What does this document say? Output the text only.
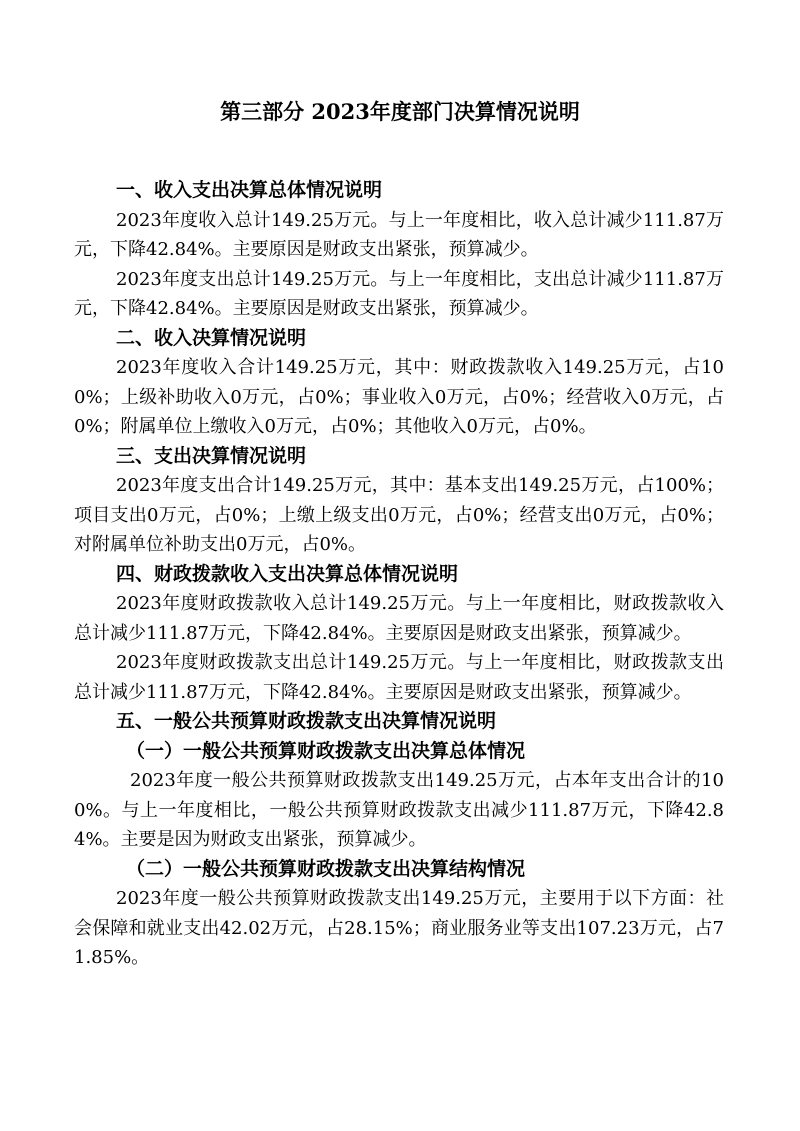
第三部分 2023年度部门决算情况说明
一、收入支出决算总体情况说明
2023年度收入总计149.25万元。与上一年度相比，收入总计减少111.87万元，下降42.84%。主要原因是财政支出紧张，预算减少。
2023年度支出总计149.25万元。与上一年度相比，支出总计减少111.87万元，下降42.84%。主要原因是财政支出紧张，预算减少。
二、收入决算情况说明
2023年度收入合计149.25万元，其中：财政拨款收入149.25万元，占100%；上级补助收入0万元，占0%；事业收入0万元，占0%；经营收入0万元，占0%；附属单位上缴收入0万元，占0%；其他收入0万元，占0%。
三、支出决算情况说明
2023年度支出合计149.25万元，其中：基本支出149.25万元，占100%；项目支出0万元，占0%；上缴上级支出0万元，占0%；经营支出0万元，占0%；对附属单位补助支出0万元，占0%。
四、财政拨款收入支出决算总体情况说明
2023年度财政拨款收入总计149.25万元。与上一年度相比，财政拨款收入总计减少111.87万元，下降42.84%。主要原因是财政支出紧张，预算减少。
2023年度财政拨款支出总计149.25万元。与上一年度相比，财政拨款支出总计减少111.87万元，下降42.84%。主要原因是财政支出紧张，预算减少。
五、一般公共预算财政拨款支出决算情况说明
（一）一般公共预算财政拨款支出决算总体情况
2023年度一般公共预算财政拨款支出149.25万元，占本年支出合计的100%。与上一年度相比，一般公共预算财政拨款支出减少111.87万元，下降42.84%。主要是因为财政支出紧张，预算减少。
（二）一般公共预算财政拨款支出决算结构情况
2023年度一般公共预算财政拨款支出149.25万元，主要用于以下方面：社会保障和就业支出42.02万元，占28.15%；商业服务业等支出107.23万元，占71.85%。
